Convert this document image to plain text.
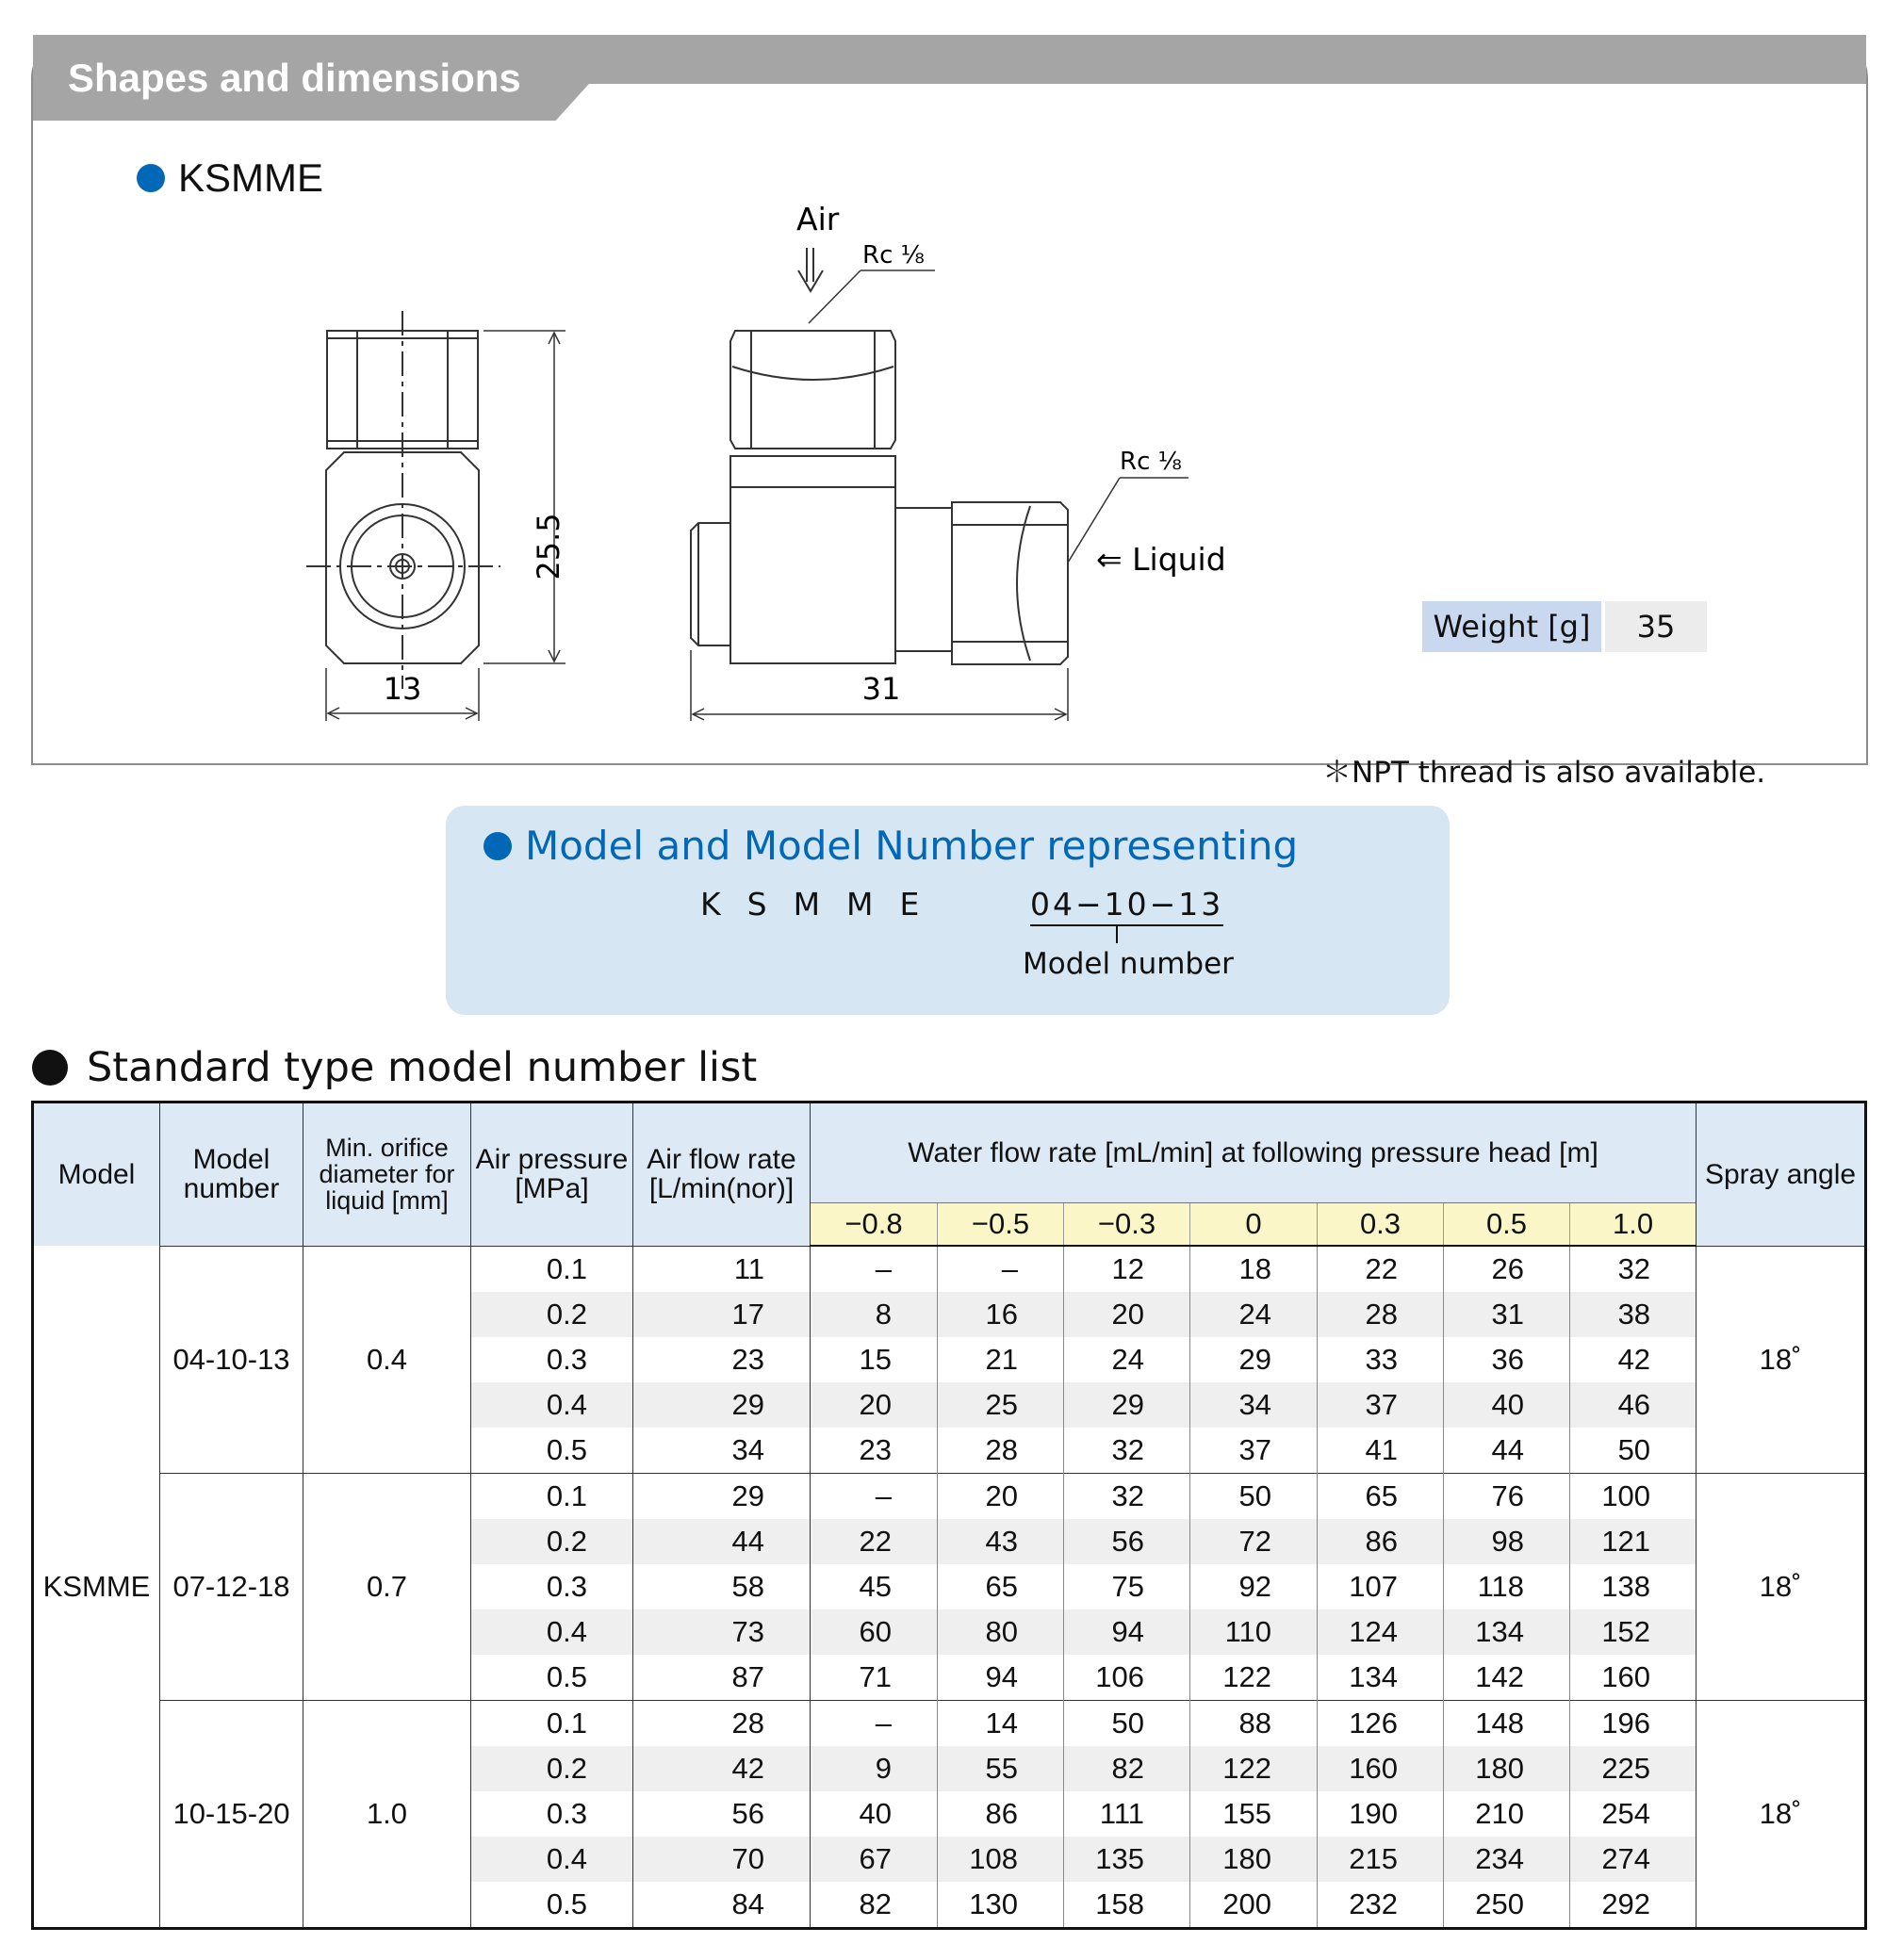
Shapes and dimensions
Air
Rc ⅛
Rc ⅛
⇐ Liquid
25.5
13	31
KSMME
Weight [g]	35
＊NPT thread is also available.
Model and Model Number representing
KSMME	04−10−13
Model number
Standard type model number list
Model	Model number	Min. orifice diameter for liquid [mm]	Air pressure [MPa]	Air flow rate [L/min(nor)]	Water flow rate [mL/min] at following pressure head [m]							Spray angle
					−0.8	−0.5	−0.3	0	0.3	0.5	1.0	
KSMME	04-10-13	0.4	0.1	11	–	–	12	18	22	26	32	18˚
			0.2	17	8	16	20	24	28	31	38	
			0.3	23	15	21	24	29	33	36	42	
			0.4	29	20	25	29	34	37	40	46	
			0.5	34	23	28	32	37	41	44	50	
	07-12-18	0.7	0.1	29	–	20	32	50	65	76	100	18˚
			0.2	44	22	43	56	72	86	98	121	
			0.3	58	45	65	75	92	107	118	138	
			0.4	73	60	80	94	110	124	134	152	
			0.5	87	71	94	106	122	134	142	160	
	10-15-20	1.0	0.1	28	–	14	50	88	126	148	196	18˚
			0.2	42	9	55	82	122	160	180	225	
			0.3	56	40	86	111	155	190	210	254	
			0.4	70	67	108	135	180	215	234	274	
			0.5	84	82	130	158	200	232	250	292	
